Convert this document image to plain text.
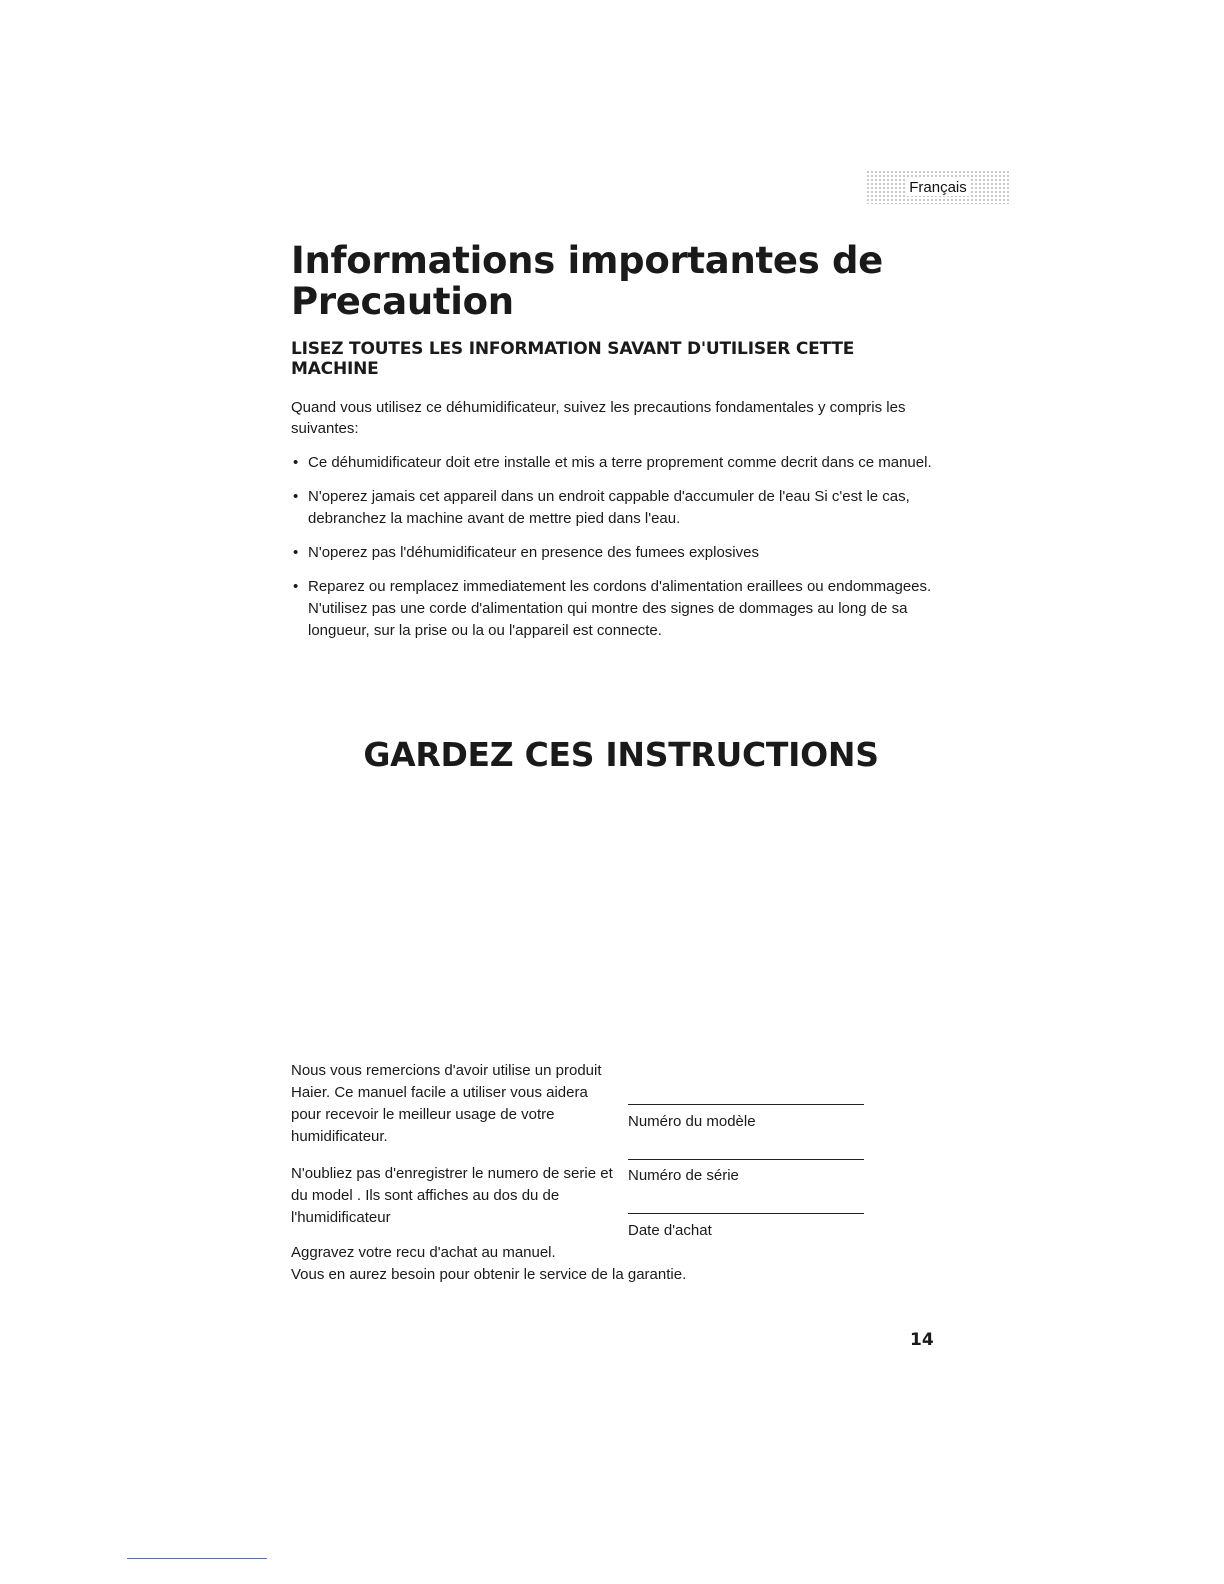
Français
Informations importantes de Precaution
LISEZ TOUTES LES INFORMATION SAVANT D'UTILISER CETTE MACHINE

Quand vous utilisez ce déhumidificateur, suivez les precautions fondamentales y compris les suivantes:

• Ce déhumidificateur doit etre installe et mis a terre proprement comme decrit dans ce manuel.
• N'operez jamais cet appareil dans un endroit cappable d'accumuler de l'eau Si c'est le cas, debranchez la machine avant de mettre pied dans l'eau.
• N'operez pas l'déhumidificateur en presence des fumees explosives
• Reparez ou remplacez immediatement les cordons d'alimentation eraillees ou endommagees. N'utilisez pas une corde d'alimentation qui montre des signes de dommages au long de sa longueur, sur la prise ou la ou l'appareil est connecte.
GARDEZ CES INSTRUCTIONS

Nous vous remercions d'avoir utilise un produit Haier. Ce manuel facile a utiliser vous aidera pour recevoir le meilleur usage de votre humidificateur.

N'oubliez pas d'enregistrer le numero de serie et du model . Ils sont affiches au dos du de l'humidificateur

Aggravez votre recu d'achat au manuel.
Vous en aurez besoin pour obtenir le service de la garantie.

Numéro du modèle
Numéro de série
Date d'achat
14
